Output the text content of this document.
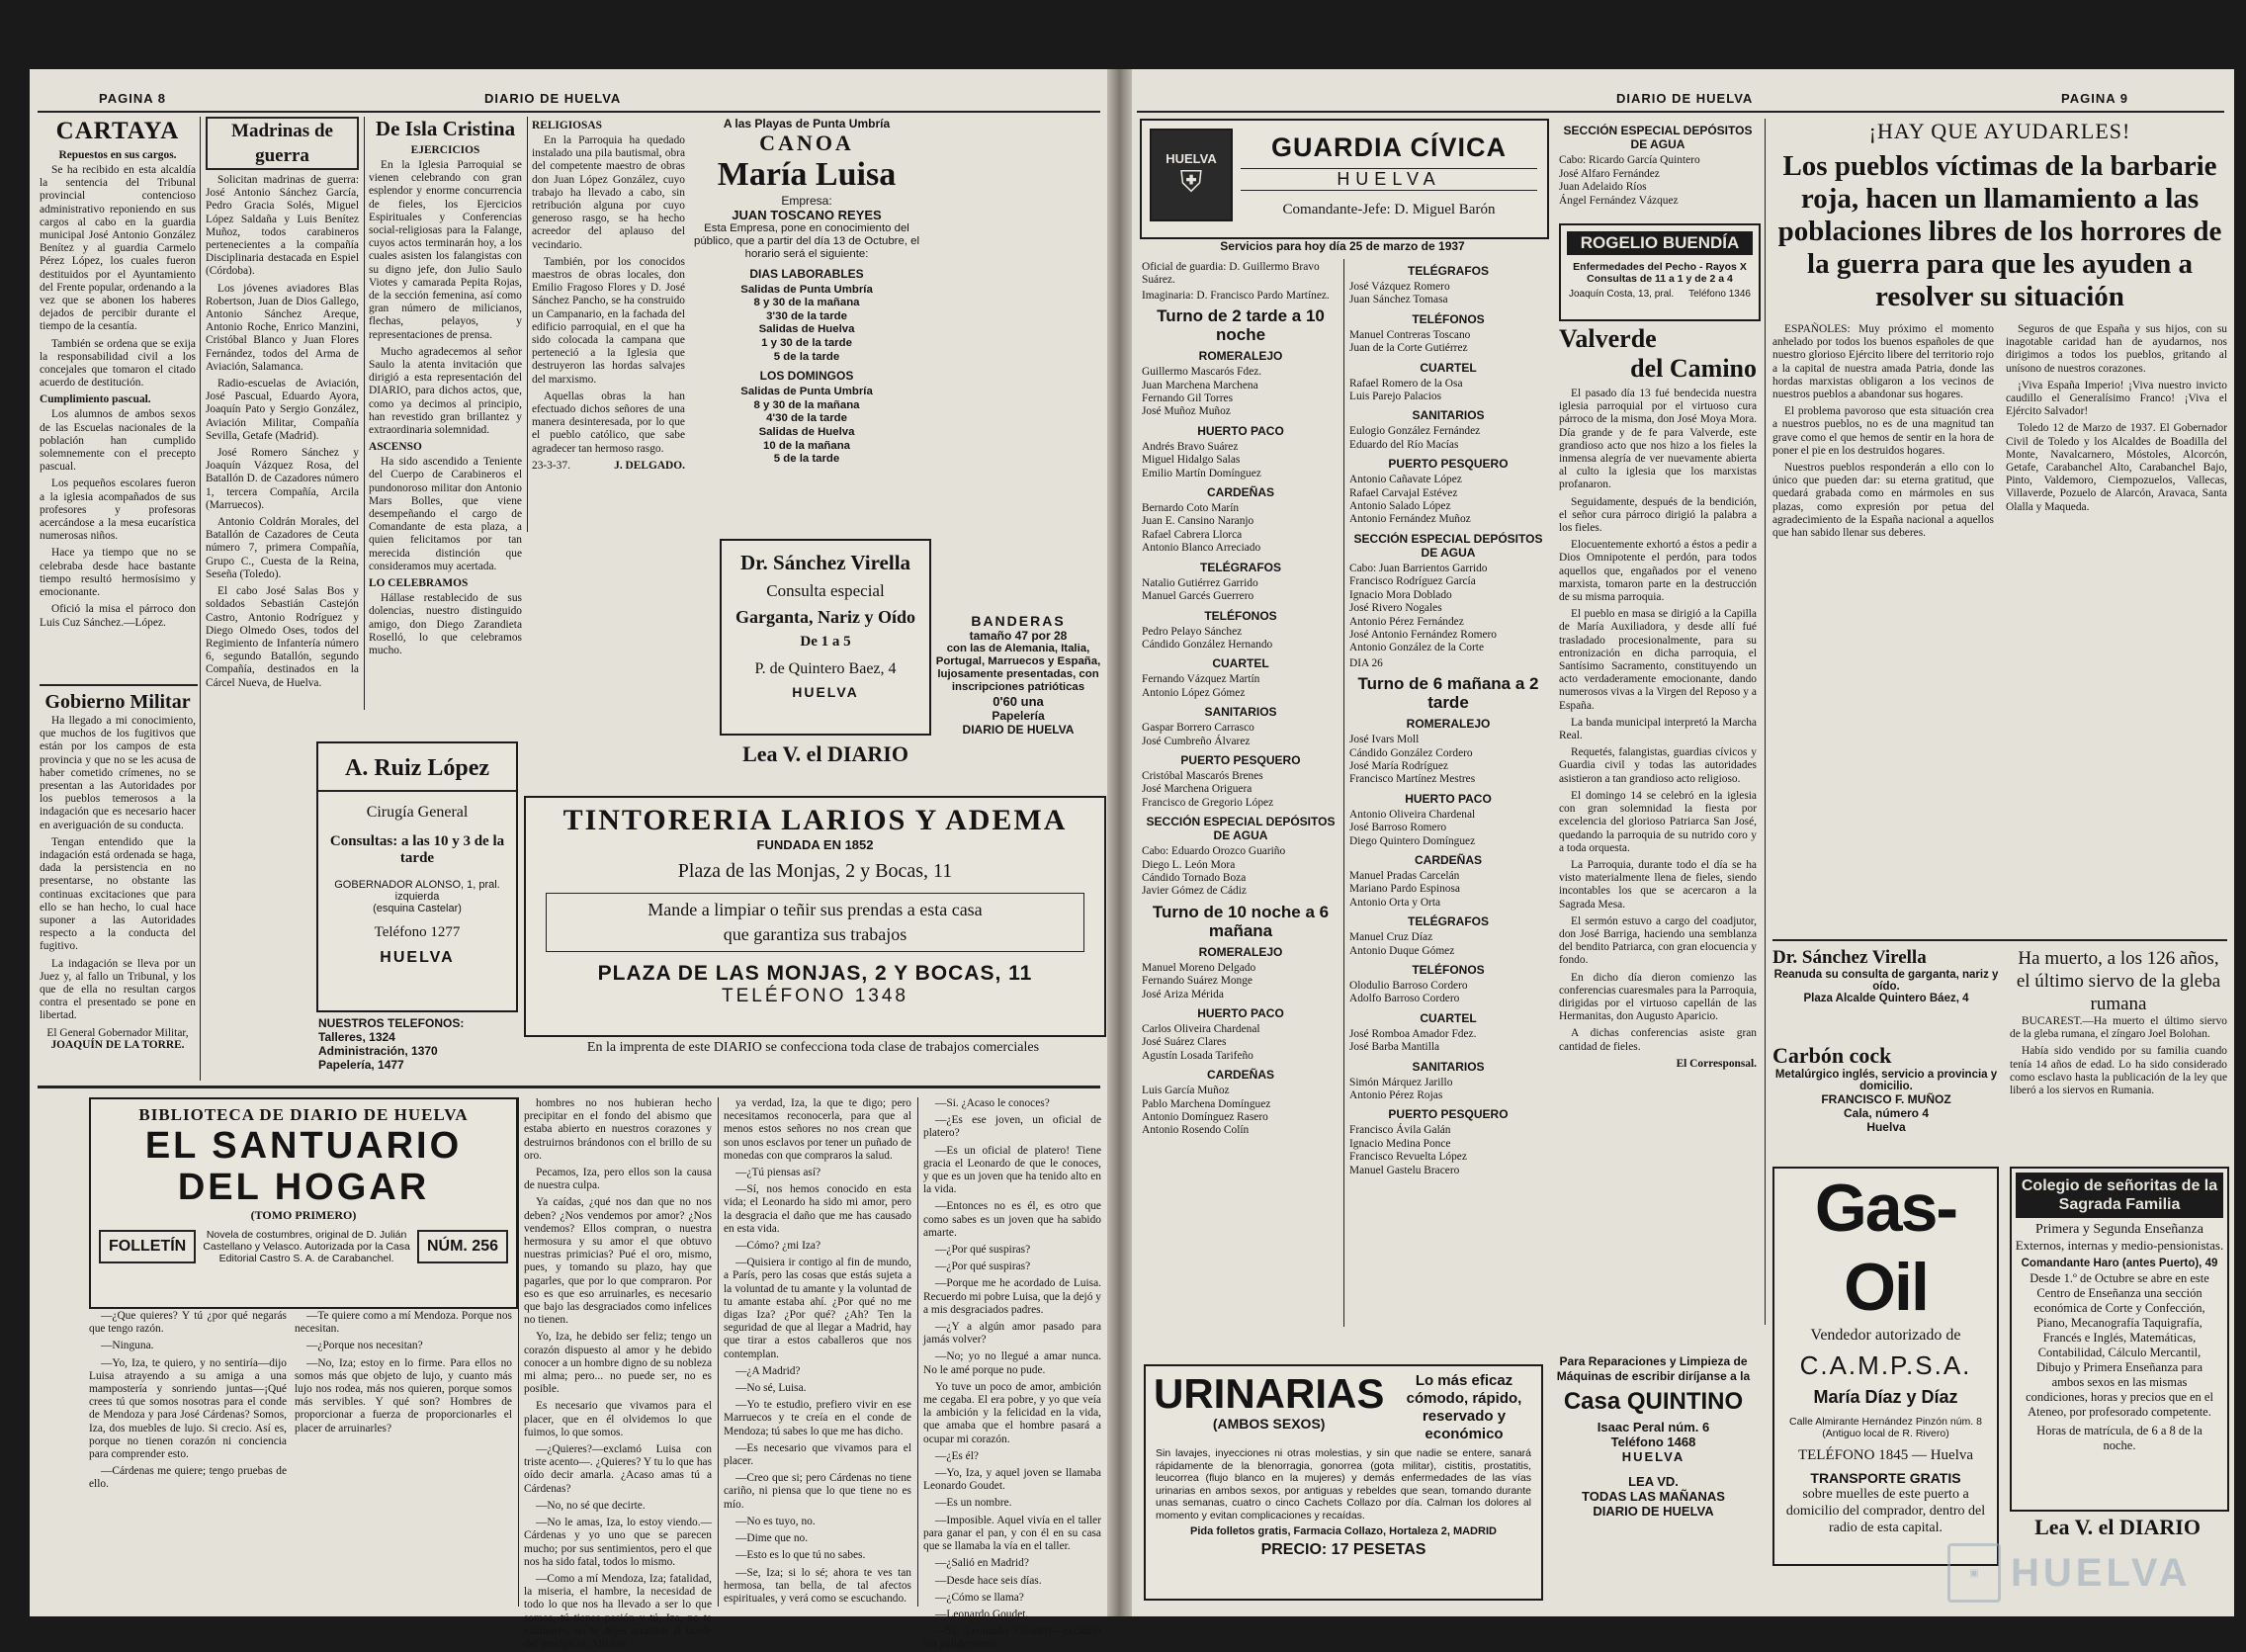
PAGINA 8	DIARIO DE HUELVA
CARTAYA
Repuestos en sus cargos.

Se ha recibido en esta alcaldía la sentencia del Tribunal provincial contencioso administrativo reponiendo en sus cargos al cabo en la guardia municipal José Antonio González Benítez y al guardia Carmelo Pérez López, los cuales fueron destituidos por el Ayuntamiento del Frente popular, ordenando a la vez que se abonen los haberes dejados de percibir durante el tiempo de la cesantía.

También se ordena que se exija la responsabilidad civil a los concejales que tomaron el citado acuerdo de destitución.

Cumplimiento pascual.

Los alumnos de ambos sexos de las Escuelas nacionales de la población han cumplido solemnemente con el precepto pascual.

Los pequeños escolares fueron a la iglesia acompañados de sus profesores y profesoras acercándose a la mesa eucarística numerosas niños.

Hace ya tiempo que no se celebraba desde hace bastante tiempo resultó hermosísimo y emocionante.

Ofició la misa el párroco don Luis Cuz Sánchez.—López.

Gobierno Militar

Ha llegado a mi conocimiento, que muchos de los fugitivos que están por los campos de esta provincia y que no se les acusa de haber cometido crímenes, no se presentan a las Autoridades por los pueblos temerosos a la indagación que es necesario hacer en averiguación de su conducta.

Tengan entendido que la indagación está ordenada se haga, dada la persistencia en no presentarse, no obstante las continuas excitaciones que para ello se han hecho, lo cual hace suponer a las Autoridades respecto a la conducta del fugitivo.

La indagación se lleva por un Juez y, al fallo un Tribunal, y los que de ella no resultan cargos contra el presentado se pone en libertad.

El General Gobernador Militar,
JOAQUÍN DE LA TORRE.
Madrinas de guerra

Solicitan madrinas de guerra: José Antonio Sánchez García, Pedro Gracia Solés, Miguel López Saldaña y Luis Benítez Muñoz, todos carabineros pertenecientes a la compañía Disciplinaria destacada en Espiel (Córdoba).

Los jóvenes aviadores Blas Robertson, Juan de Dios Gallego, Antonio Sánchez Areque, Antonio Roche, Enrico Manzini, Cristóbal Blanco y Juan Flores Fernández, todos del Arma de Aviación, Salamanca.

Radio-escuelas de Aviación, José Pascual, Eduardo Ayora, Joaquín Pato y Sergio González, Aviación Militar, Compañía Sevilla, Getafe (Madrid).

José Romero Sánchez y Joaquín Vázquez Rosa, del Batallón D. de Cazadores número 1, tercera Compañía, Arcila (Marruecos).

Antonio Coldrán Morales, del Batallón de Cazadores de Ceuta número 7, primera Compañía, Grupo C., Cuesta de la Reina, Seseña (Toledo).

El cabo José Salas Bos y soldados Sebastián Castejón Castro, Antonio Rodríguez y Diego Olmedo Oses, todos del Regimiento de Infantería número 6, segundo Batallón, segundo Compañía, destinados en la Cárcel Nueva, de Huelva.

De Isla Cristina
EJERCICIOS

En la Iglesia Parroquial se vienen celebrando con gran esplendor y enorme concurrencia de fieles, los Ejercicios Espirituales y Conferencias social-religiosas para la Falange, cuyos actos terminarán hoy, a los cuales asisten los falangistas con su digno jefe, don Julio Saulo Viotes y camarada Pepita Rojas, de la sección femenina, así como gran número de milicianos, flechas, pelayos, y representaciones de prensa.

Mucho agradecemos al señor Saulo la atenta invitación que dirigió a esta representación del DIARIO, para dichos actos, que, como ya decimos al principio, han revestido gran brillantez y extraordinaria solemnidad.

ASCENSO

Ha sido ascendido a Teniente del Cuerpo de Carabineros el pundonoroso militar don Antonio Mars Bolles, que viene desempeñando el cargo de Comandante de esta plaza, a quien felicitamos por tan merecida distinción que consideramos muy acertada.

LO CELEBRAMOS

Hállase restablecido de sus dolencias, nuestro distinguido amigo, don Diego Zarandieta Roselló, lo que celebramos mucho.

RELIGIOSAS

En la Parroquia ha quedado instalado una pila bautismal, obra del competente maestro de obras don Juan López González, cuyo trabajo ha llevado a cabo, sin retribución alguna por cuyo generoso rasgo, se ha hecho acreedor del aplauso del vecindario.

También, por los conocidos maestros de obras locales, don Emilio Fragoso Flores y D. José Sánchez Pancho, se ha construido un Campanario, en la fachada del edificio parroquial, en el que ha sido colocada la campana que perteneció a la Iglesia que destruyeron las hordas salvajes del marxismo.

Aquellas obras la han efectuado dichos señores de una manera desinteresada, por lo que el pueblo católico, que sabe agradecer tan hermoso rasgo.

23-3-37.	J. DELGADO.
A las Playas de Punta Umbría
CANOA
María Luisa
Empresa:
JUAN TOSCANO REYES

Esta Empresa, pone en conocimiento del público, que a partir del día 13 de Octubre, el horario será el siguiente:

DIAS LABORABLES
Salidas de Punta Umbría
8 y 30 de la mañana
3'30 de la tarde
Salidas de Huelva
1 y 30 de la tarde
5 de la tarde
LOS DOMINGOS
Salidas de Punta Umbría
8 y 30 de la mañana
4'30 de la tarde
Salidas de Huelva
10 de la mañana
5 de la tarde
Dr. Sánchez Virella
Consulta especial
Garganta, Nariz y Oído
De 1 a 5
P. de Quintero Baez, 4
HUELVA
Lea V. el DIARIO
BANDERAS
tamaño 47 por 28
con las de Alemania, Italia, Portugal, Marruecos y España, lujosamente presentadas, con inscripciones patrióticas
0'60 una
Papelería
DIARIO DE HUELVA
A. Ruiz López
Cirugía General
Consultas: a las 10 y 3 de la tarde
GOBERNADOR ALONSO, 1, pral. izquierda
(esquina Castelar)
Teléfono 1277
HUELVA
NUESTROS TELEFONOS:
Talleres, 1324
Administración, 1370
Papelería, 1477
TINTORERIA LARIOS Y ADEMA
FUNDADA EN 1852
Plaza de las Monjas, 2 y Bocas, 11
Mande a limpiar o teñir sus prendas a esta casa
que garantiza sus trabajos
PLAZA DE LAS MONJAS, 2 Y BOCAS, 11
TELÉFONO 1348
En la imprenta de este DIARIO se confecciona toda clase de trabajos comerciales
BIBLIOTECA DE DIARIO DE HUELVA
EL SANTUARIO
DEL HOGAR
(TOMO PRIMERO)
FOLLETÍN
Novela de costumbres, original de D. Julián Castellano y Velasco. Autorizada por la Casa Editorial Castro S. A. de Carabanchel.
NÚM. 256

—¿Que quieres? Y tú ¿por qué negarás que tengo razón.

—Ninguna.

—Yo, Iza, te quiero, y no sentiría—dijo Luisa atrayendo a su amiga a una mampostería y sonriendo juntas—¡Qué crees tú que somos nosotras para el conde de Mendoza y para José Cárdenas? Somos, Iza, dos muebles de lujo. Si crecio. Así es, porque no tienen corazón ni conciencia para comprender esto.

—Cárdenas me quiere; tengo pruebas de ello.

—Te quiere como a mí Mendoza. Porque nos necesitan.

—¿Porque nos necesitan?

—No, Iza; estoy en lo firme. Para ellos no somos más que objeto de lujo, y cuanto más lujo nos rodea, más nos quieren, porque somos más servibles. Y qué son? Hombres de proporcionar a fuerza de proporcionarles el placer de arruinarles?

hombres no nos hubieran hecho precipitar en el fondo del abismo que estaba abierto en nuestros corazones y destruirnos brándonos con el brillo de su oro.

Pecamos, Iza, pero ellos son la causa de nuestra culpa.

Ya caídas, ¿qué nos dan que no nos deben? ¿Nos vendemos por amor? ¿Nos vendemos? Ellos compran, o nuestra hermosura y su amor el que obtuvo nuestras primicias? Pué el oro, mismo, pues, y tomando su plazo, hay que pagarles, que por lo que compraron. Por eso es que eso arruinarles, es necesario que bajo las desgraciados como infelices no tienen.

Yo, Iza, he debido ser feliz; tengo un corazón dispuesto al amor y he debido conocer a un hombre digno de su nobleza mi alma; pero... no puede ser, no es posible.

Es necesario que vivamos para el placer, que en él olvidemos lo que fuimos, lo que somos.

—¿Quieres?—exclamó Luisa con triste acento—. ¿Quieres? Y tu lo que has oído decir amarla. ¿Acaso amas tú a Cárdenas?

—No, no sé que decirte.

—No le amas, Iza, lo estoy viendo.—Cárdenas y yo uno que se parecen mucho; por sus sentimientos, pero el que nos ha sido fatal, todos lo mismo.

—Como a mí Mendoza, Iza; fatalidad, la miseria, el hambre, la necesidad de todo lo que nos ha llevado a ser lo que somos, tú tienes pasión y tú, Iza, no te enamores, no te dejes arrastrar al borde del precipicio. Allí nos

ya verdad, Iza, la que te digo; pero necesitamos reconocerla, para que al menos estos señores no nos crean que son unos esclavos por tener un puñado de monedas con que compraros la salud.

—¿Tú piensas así?

—Sí, nos hemos conocido en esta vida; el Leonardo ha sido mi amor, pero la desgracia el daño que me has causado en esta vida.

—Cómo? ¿mi Iza?

—Quisiera ir contigo al fin de mundo, a París, pero las cosas que estás sujeta a la voluntad de tu amante y la voluntad de tu amante estaba ahí. ¿Por qué no me digas Iza? ¿Por qué? ¿Ah? Ten la seguridad de que al llegar a Madrid, hay que tirar a estos caballeros que nos contemplan.

—¿A Madrid?

—No sé, Luisa.

—Yo te estudio, prefiero vivir en ese Marruecos y te creía en el conde de Mendoza; tú sabes lo que me has dicho.

—Es necesario que vivamos para el placer.

—Creo que si; pero Cárdenas no tiene cariño, ni piensa que lo que tiene no es mío.

—No es tuyo, no.

—Dime que no.

—Esto es lo que tú no sabes.

—Se, Iza; si lo sé; ahora te ves tan hermosa, tan bella, de tal afectos espirituales, y verá como se escuchando.

—Si. ¿Acaso le conoces?

—¿Es ese joven, un oficial de platero?

—Es un oficial de platero! Tiene gracia el Leonardo de que le conoces, y que es un joven que ha tenido alto en la vida.

—Entonces no es él, es otro que como sabes es un joven que ha sabido amarte.

—¿Por qué suspiras?

—¿Por qué suspiras?

—Porque me he acordado de Luisa. Recuerdo mi pobre Luisa, que la dejó y a mis desgraciados padres.

—¿Y a algún amor pasado para jamás volver?

—No; yo no llegué a amar nunca. No le amé porque no pude.

Yo tuve un poco de amor, ambición me cegaba. El era pobre, y yo que veía la ambición y la felicidad en la vida, que amaba que el hombre pasará a ocupar mi corazón.

—¿Es él?

—Yo, Iza, y aquel joven se llamaba Leonardo Goudet.

—Es un nombre.

—Imposible. Aquel vivía en el taller para ganar el pan, y con él en su casa que se llamaba la vía en el taller.

—¿Salió en Madrid?

—Desde hace seis días.

—¿Cómo se llama?

—Leonardo Goudet.

—Sí, Leonardo Goudet!—exclamó Iza palideciendo.

DIARIO DE HUELVA	PAGINA 9
HUELVA
⛨
GUARDIA CÍVICA
HUELVA
Comandante-Jefe: D. Miguel Barón
Servicios para hoy día 25 de marzo de 1937
Oficial de guardia: D. Guillermo Bravo Suárez.
Imaginaria: D. Francisco Pardo Martínez.
Turno de 2 tarde a 10 noche
ROMERALEJO
Guillermo Mascarós Fdez.
Juan Marchena Marchena
Fernando Gil Torres
José Muñoz Muñoz
HUERTO PACO
Andrés Bravo Suárez
Miguel Hidalgo Salas
Emilio Martín Domínguez
CARDEÑAS
Bernardo Coto Marín
Juan E. Cansino Naranjo
Rafael Cabrera Llorca
Antonio Blanco Arreciado
TELÉGRAFOS
Natalio Gutiérrez Garrido
Manuel Garcés Guerrero
TELÉFONOS
Pedro Pelayo Sánchez
Cándido González Hernando
CUARTEL
Fernando Vázquez Martín
Antonio López Gómez
SANITARIOS
Gaspar Borrero Carrasco
José Cumbreño Álvarez
PUERTO PESQUERO
Cristóbal Mascarós Brenes
José Marchena Origuera
Francisco de Gregorio López
SECCIÓN ESPECIAL DEPÓSITOS DE AGUA
Cabo: Eduardo Orozco Guariño
Diego L. León Mora
Cándido Tornado Boza
Javier Gómez de Cádiz
Turno de 10 noche a 6 mañana
ROMERALEJO
Manuel Moreno Delgado
Fernando Suárez Monge
José Ariza Mérida
HUERTO PACO
Carlos Oliveira Chardenal
José Suárez Clares
Agustín Losada Tarifeño
CARDEÑAS
Luis García Muñoz
Pablo Marchena Domínguez
Antonio Domínguez Rasero
Antonio Rosendo Colín
TELÉGRAFOS
José Vázquez Romero
Juan Sánchez Tomasa
TELÉFONOS
Manuel Contreras Toscano
Juan de la Corte Gutiérrez
CUARTEL
Rafael Romero de la Osa
Luis Parejo Palacios
SANITARIOS
Eulogio González Fernández
Eduardo del Río Macías
PUERTO PESQUERO
Antonio Cañavate López
Rafael Carvajal Estévez
Antonio Salado López
Antonio Fernández Muñoz
SECCIÓN ESPECIAL DEPÓSITOS DE AGUA
Cabo: Juan Barrientos Garrido
Francisco Rodríguez García
Ignacio Mora Doblado
José Rivero Nogales
Antonio Pérez Fernández
José Antonio Fernández Romero
Antonio González de la Corte
DIA 26
Turno de 6 mañana a 2 tarde
ROMERALEJO
José Ivars Moll
Cándido González Cordero
José María Rodríguez
Francisco Martínez Mestres
HUERTO PACO
Antonio Oliveira Chardenal
José Barroso Romero
Diego Quintero Domínguez
CARDEÑAS
Manuel Pradas Carcelán
Mariano Pardo Espinosa
Antonio Orta y Orta
TELÉGRAFOS
Manuel Cruz Díaz
Antonio Duque Gómez
TELÉFONOS
Olodulio Barroso Cordero
Adolfo Barroso Cordero
CUARTEL
José Romboa Amador Fdez.
José Barba Mantilla
SANITARIOS
Simón Márquez Jarillo
Antonio Pérez Rojas
PUERTO PESQUERO
Francisco Ávila Galán
Ignacio Medina Ponce
Francisco Revuelta López
Manuel Gastelu Bracero
SECCIÓN ESPECIAL DEPÓSITOS DE AGUA
Cabo: Ricardo García Quintero
José Alfaro Fernández
Juan Adelaido Ríos
Ángel Fernández Vázquez
ROGELIO BUENDÍA
Enfermedades del Pecho - Rayos X
Consultas de 11 a 1 y de 2 a 4
Joaquín Costa, 13, pral. Teléfono 1346
Valverde
del Camino

El pasado día 13 fué bendecida nuestra iglesia parroquial por el virtuoso cura párroco de la misma, don José Moya Mora. Día grande y de fe para Valverde, este grandioso acto que nos hizo a los fieles la inmensa alegría de ver nuevamente abierta al culto la iglesia que los marxistas profanaron.

Seguidamente, después de la bendición, el señor cura párroco dirigió la palabra a los fieles.

Elocuentemente exhortó a éstos a pedir a Dios Omnipotente el perdón, para todos aquellos que, engañados por el veneno marxista, tomaron parte en la destrucción de su misma parroquia.

El pueblo en masa se dirigió a la Capilla de María Auxiliadora, y desde allí fué trasladado procesionalmente, para su entronización en dicha parroquia, el Santísimo Sacramento, constituyendo un acto verdaderamente emocionante, dando numerosos vivas a la Virgen del Reposo y a España.

La banda municipal interpretó la Marcha Real.

Requetés, falangistas, guardias cívicos y Guardia civil y todas las autoridades asistieron a tan grandioso acto religioso.

El domingo 14 se celebró en la iglesia con gran solemnidad la fiesta por excelencia del glorioso Patriarca San José, quedando la parroquia de su nutrido coro y a toda orquesta.

La Parroquia, durante todo el día se ha visto materialmente llena de fieles, siendo incontables los que se acercaron a la Sagrada Mesa.

El sermón estuvo a cargo del coadjutor, don José Barriga, haciendo una semblanza del bendito Patriarca, con gran elocuencia y fondo.

En dicho día dieron comienzo las conferencias cuaresmales para la Parroquia, dirigidas por el virtuoso capellán de las Hermanitas, don Augusto Aparicio.

A dichas conferencias asiste gran cantidad de fieles.

El Corresponsal.
¡HAY QUE AYUDARLES!
Los pueblos víctimas de la barbarie roja, hacen un llamamiento a las poblaciones libres de los horrores de la guerra para que les ayuden a resolver su situación

ESPAÑOLES: Muy próximo el momento anhelado por todos los buenos españoles de que nuestro glorioso Ejército libere del territorio rojo a la capital de nuestra amada Patria, donde las hordas marxistas obligaron a los vecinos de nuestros pueblos a abandonar sus hogares.

El problema pavoroso que esta situación crea a nuestros pueblos, no es de una magnitud tan grave como el que hemos de sentir en la hora de poner el pie en los destruidos hogares.

Nuestros pueblos responderán a ello con lo único que pueden dar: su eterna gratitud, que quedará grabada como en mármoles en sus plazas, como expresión por petua del agradecimiento de la España nacional a aquellos que han sabido llenar sus deberes.

Seguros de que España y sus hijos, con su inagotable caridad han de ayudarnos, nos dirigimos a todos los pueblos, gritando al unísono de nuestros corazones.

¡Viva España Imperio! ¡Viva nuestro invicto caudillo el Generalísimo Franco! ¡Viva el Ejército Salvador!

Toledo 12 de Marzo de 1937. El Gobernador Civil de Toledo y los Alcaldes de Boadilla del Monte, Navalcarnero, Móstoles, Alcorcón, Getafe, Carabanchel Alto, Carabanchel Bajo, Pinto, Valdemoro, Ciempozuelos, Vallecas, Villaverde, Pozuelo de Alarcón, Aravaca, Santa Olalla y Maqueda.

Dr. Sánchez Virella
Reanuda su consulta de garganta, nariz y oído.
Plaza Alcalde Quintero Báez, 4
Carbón cock
Metalúrgico inglés, servicio a provincia y domicilio.
FRANCISCO F. MUÑOZ
Cala, número 4
Huelva
Ha muerto, a los 126 años, el último siervo de la gleba rumana

BUCAREST.—Ha muerto el último siervo de la gleba rumana, el zíngaro Joel Bolohan.

Había sido vendido por su familia cuando tenía 14 años de edad. Lo ha sido considerado como esclavo hasta la publicación de la ley que liberó a los siervos en Rumania.

Gas-Oil
Vendedor autorizado de
C.A.M.P.S.A.
María Díaz y Díaz
Calle Almirante Hernández Pinzón núm. 8
(Antiguo local de R. Rivero)
TELÉFONO 1845 — Huelva
TRANSPORTE GRATIS
sobre muelles de este puerto a domicilio del comprador, dentro del radio de esta capital.
Colegio de señoritas de la Sagrada Familia
Primera y Segunda Enseñanza
Externos, internas y medio-pensionistas.
Comandante Haro (antes Puerto), 49

Desde 1.º de Octubre se abre en este Centro de Enseñanza una sección económica de Corte y Confección, Piano, Mecanografía Taquigrafía, Francés e Inglés, Matemáticas, Contabilidad, Cálculo Mercantil, Dibujo y Primera Enseñanza para ambos sexos en las mismas condiciones, horas y precios que en el Ateneo, por profesorado competente.

Horas de matrícula, de 6 a 8 de la noche.

Lea V. el DIARIO
URINARIAS
(AMBOS SEXOS)
Lo más eficaz cómodo, rápido, reservado y económico

Sin lavajes, inyecciones ni otras molestias, y sin que nadie se entere, sanará rápidamente de la blenorragia, gonorrea (gota militar), cistitis, prostatitis, leucorrea (flujo blanco en la mujeres) y demás enfermedades de las vías urinarias en ambos sexos, por antiguas y rebeldes que sean, tomando durante unas semanas, cuatro o cinco Cachets Collazo por día. Calman los dolores al momento y evitan complicaciones y recaídas.

Pida folletos gratis, Farmacia Collazo, Hortaleza 2, MADRID
PRECIO: 17 PESETAS
Para Reparaciones y Limpieza de Máquinas de escribir diríjanse a la
Casa QUINTINO
Isaac Peral núm. 6
Teléfono 1468
HUELVA
LEA VD.
TODAS LAS MAÑANAS
DIARIO DE HUELVA
▣ HUELVA
